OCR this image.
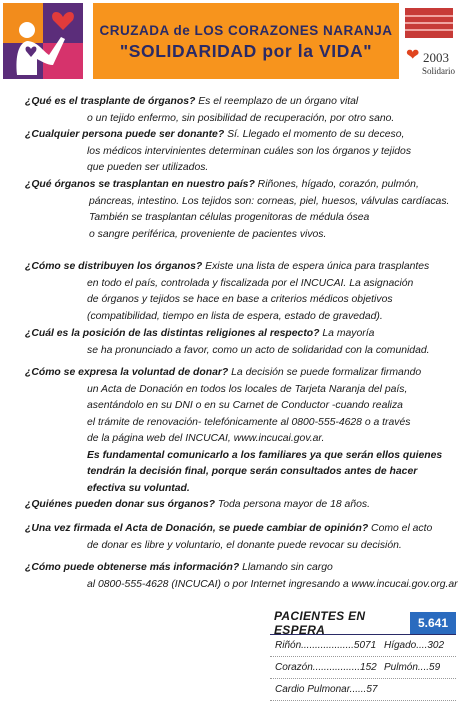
CRUZADA de LOS CORAZONES NARANJA
"SOLIDARIDAD por la VIDA"	❤ 2003
Solidario
¿Qué es el trasplante de órganos? Es el reemplazo de un órgano vital
o un tejido enfermo, sin posibilidad de recuperación, por otro sano.
¿Cualquier persona puede ser donante? Sí. Llegado el momento de su deceso,
los médicos intervinientes determinan cuáles son los órganos y tejidos
que pueden ser utilizados.
¿Qué órganos se trasplantan en nuestro país? Riñones, hígado, corazón, pulmón,
páncreas, intestino. Los tejidos son: corneas, piel, huesos, válvulas cardíacas.
También se trasplantan células progenitoras de médula ósea
o sangre periférica, proveniente de pacientes vivos.
¿Cómo se distribuyen los órganos? Existe una lista de espera única para trasplantes
en todo el país, controlada y fiscalizada por el INCUCAI. La asignación
de órganos y tejidos se hace en base a criterios médicos objetivos
(compatibilidad, tiempo en lista de espera, estado de gravedad).
¿Cuál es la posición de las distintas religiones al respecto? La mayoría
se ha pronunciado a favor, como un acto de solidaridad con la comunidad.
¿Cómo se expresa la voluntad de donar? La decisión se puede formalizar firmando
un Acta de Donación en todos los locales de Tarjeta Naranja del país,
asentándolo en su DNI o en su Carnet de Conductor -cuando realiza
el trámite de renovación- telefónicamente al 0800-555-4628 o a través
de la página web del INCUCAI, www.incucai.gov.ar.
Es fundamental comunicarlo a los familiares ya que serán ellos quienes
tendrán la decisión final, porque serán consultados antes de hacer
efectiva su voluntad.
¿Quiénes pueden donar sus órganos? Toda persona mayor de 18 años.
¿Una vez firmada el Acta de Donación, se puede cambiar de opinión? Como el acto
de donar es libre y voluntario, el donante puede revocar su decisión.
¿Cómo puede obtenerse más información? Llamando sin cargo
al 0800-555-4628 (INCUCAI) o por Internet ingresando a www.incucai.gov.org.ar
PACIENTES EN ESPERA	5.641
Riñón...................5071 Hígado....302
Corazón.................152 Pulmón....59
Cardio Pulmonar......57
